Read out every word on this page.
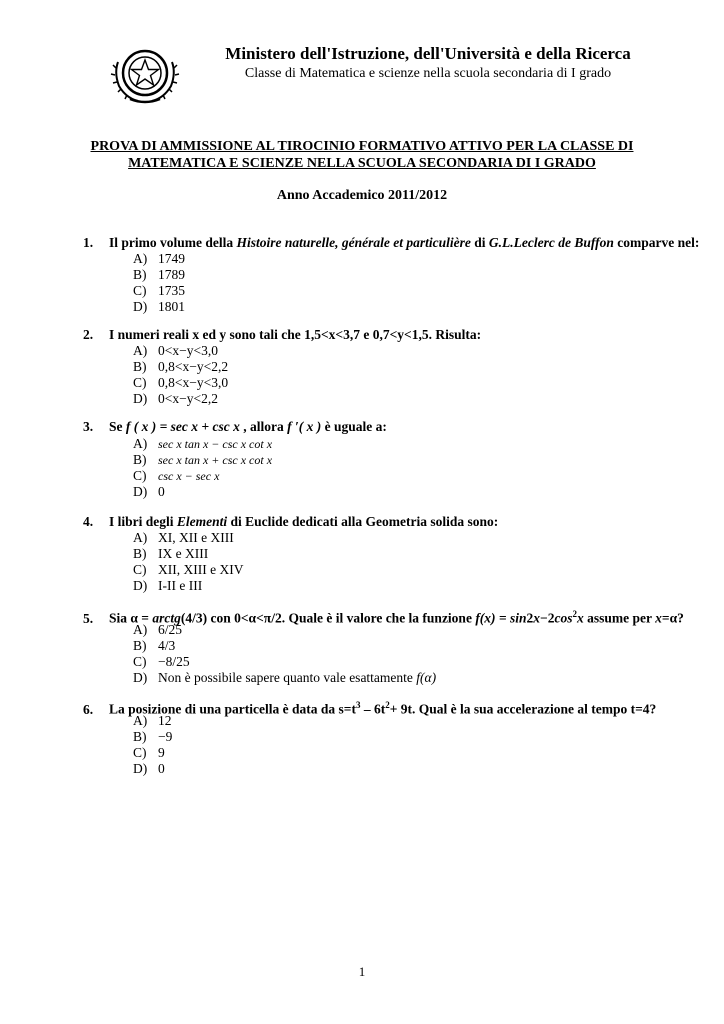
Ministero dell'Istruzione, dell'Università e della Ricerca
Classe di Matematica e scienze nella scuola secondaria di I grado
PROVA DI AMMISSIONE AL TIROCINIO FORMATIVO ATTIVO PER LA CLASSE DI
MATEMATICA E SCIENZE NELLA SCUOLA SECONDARIA DI I GRADO
Anno Accademico 2011/2012
1.	Il primo volume della Histoire naturelle, générale et particulière di G.L.Leclerc de Buffon comparve nel:
A) 1749
B) 1789
C) 1735
D) 1801
2.	I numeri reali x ed y sono tali che 1,5<x<3,7 e 0,7<y<1,5. Risulta:
A) 0<x−y<3,0
B) 0,8<x−y<2,2
C) 0,8<x−y<3,0
D) 0<x−y<2,2
3.	Se f ( x ) = sec x + csc x , allora f ′( x ) è uguale a:
A) sec x tan x − csc x cot x
B) sec x tan x + csc x cot x
C) csc x − sec x
D) 0
4.	I libri degli Elementi di Euclide dedicati alla Geometria solida sono:
A) XI, XII e XIII
B) IX e XIII
C) XII, XIII e XIV
D) I-II e III
5.	Sia α = arctg(4/3) con 0<α<π/2. Quale è il valore che la funzione $f(x) = \sin 2x-2\cos^2x$ assume per x=α?
A) 6/25
B) 4/3
C) −8/25
D) Non è possibile sapere quanto vale esattamente f(α)
6.	La posizione di una particella è data da $s=t^3 - 6t^2+ 9t$. Qual è la sua accelerazione al tempo t=4?
A) 12
B) −9
C) 9
D) 0
1
